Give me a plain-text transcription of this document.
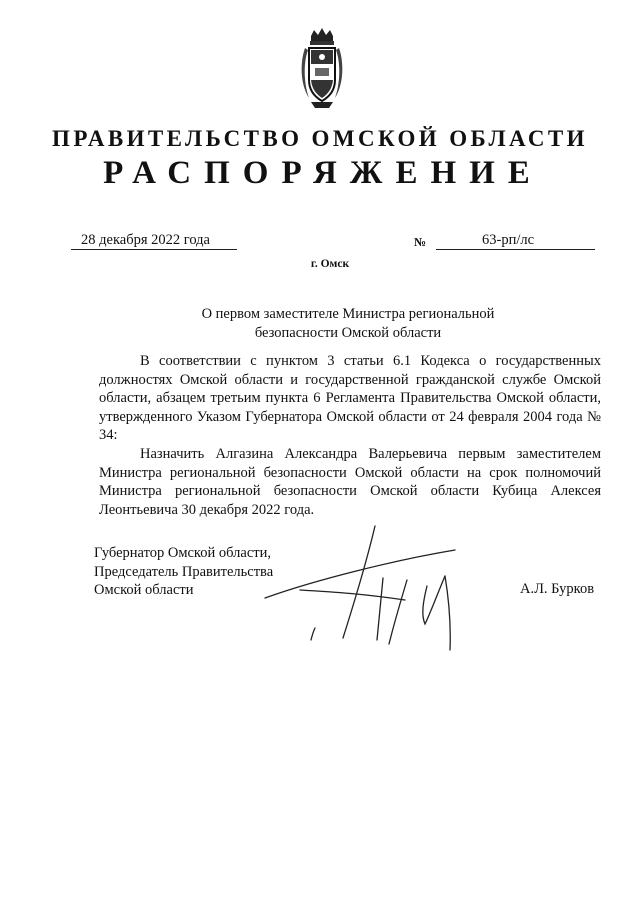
ПРАВИТЕЛЬСТВО ОМСКОЙ ОБЛАСТИ
РАСПОРЯЖЕНИЕ
28 декабря 2022 года	№	63-рп/лс
г. Омск
О первом заместителе Министра региональной
безопасности Омской области

В соответствии с пунктом 3 статьи 6.1 Кодекса о государственных должностях Омской области и государственной гражданской службе Омской области, абзацем третьим пункта 6 Регламента Правительства Омской области, утвержденного Указом Губернатора Омской области от 24 февраля 2004 года № 34:

Назначить Алгазина Александра Валерьевича первым заместителем Министра региональной безопасности Омской области на срок полномочий Министра региональной безопасности Омской области Кубица Алексея Леонтьевича 30 декабря 2022 года.

Губернатор Омской области,
Председатель Правительства
Омской области	А.Л. Бурков
